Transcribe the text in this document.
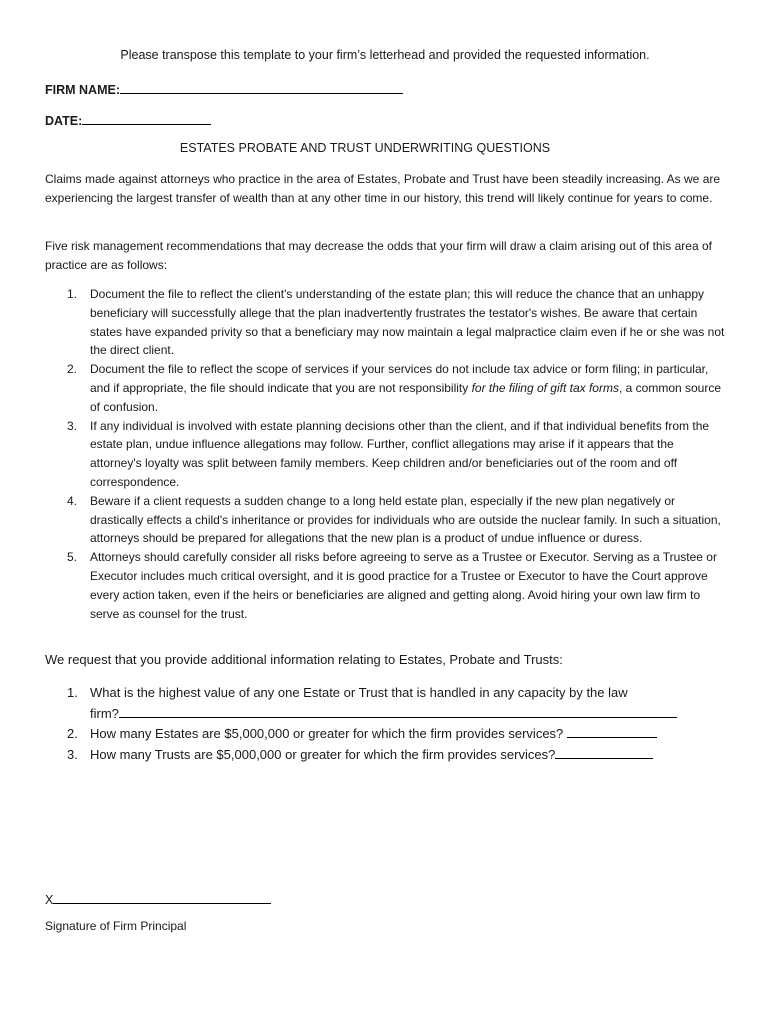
Please transpose this template to your firm’s letterhead and provided the requested information.
FIRM NAME:
DATE:
ESTATES PROBATE AND TRUST UNDERWRITING QUESTIONS

Claims made against attorneys who practice in the area of Estates, Probate and Trust have been steadily increasing. As we are experiencing the largest transfer of wealth than at any other time in our history, this trend will likely continue for years to come.

Five risk management recommendations that may decrease the odds that your firm will draw a claim arising out of this area of practice are as follows:

1. Document the file to reflect the client's understanding of the estate plan; this will reduce the chance that an unhappy beneficiary will successfully allege that the plan inadvertently frustrates the testator's wishes. Be aware that certain states have expanded privity so that a beneficiary may now maintain a legal malpractice claim even if he or she was not the direct client.
2. Document the file to reflect the scope of services if your services do not include tax advice or form filing; in particular, and if appropriate, the file should indicate that you are not responsibility for the filing of gift tax forms, a common source of confusion.
3. If any individual is involved with estate planning decisions other than the client, and if that individual benefits from the estate plan, undue influence allegations may follow. Further, conflict allegations may arise if it appears that the attorney's loyalty was split between family members. Keep children and/or beneficiaries out of the room and off correspondence.
4. Beware if a client requests a sudden change to a long held estate plan, especially if the new plan negatively or drastically effects a child's inheritance or provides for individuals who are outside the nuclear family. In such a situation, attorneys should be prepared for allegations that the new plan is a product of undue influence or duress.
5. Attorneys should carefully consider all risks before agreeing to serve as a Trustee or Executor. Serving as a Trustee or Executor includes much critical oversight, and it is good practice for a Trustee or Executor to have the Court approve every action taken, even if the heirs or beneficiaries are aligned and getting along. Avoid hiring your own law firm to serve as counsel for the trust.
We request that you provide additional information relating to Estates, Probate and Trusts:
1. What is the highest value of any one Estate or Trust that is handled in any capacity by the law
firm?
2. How many Estates are $5,000,000 or greater for which the firm provides services?
3. How many Trusts are $5,000,000 or greater for which the firm provides services?
X
Signature of Firm Principal
